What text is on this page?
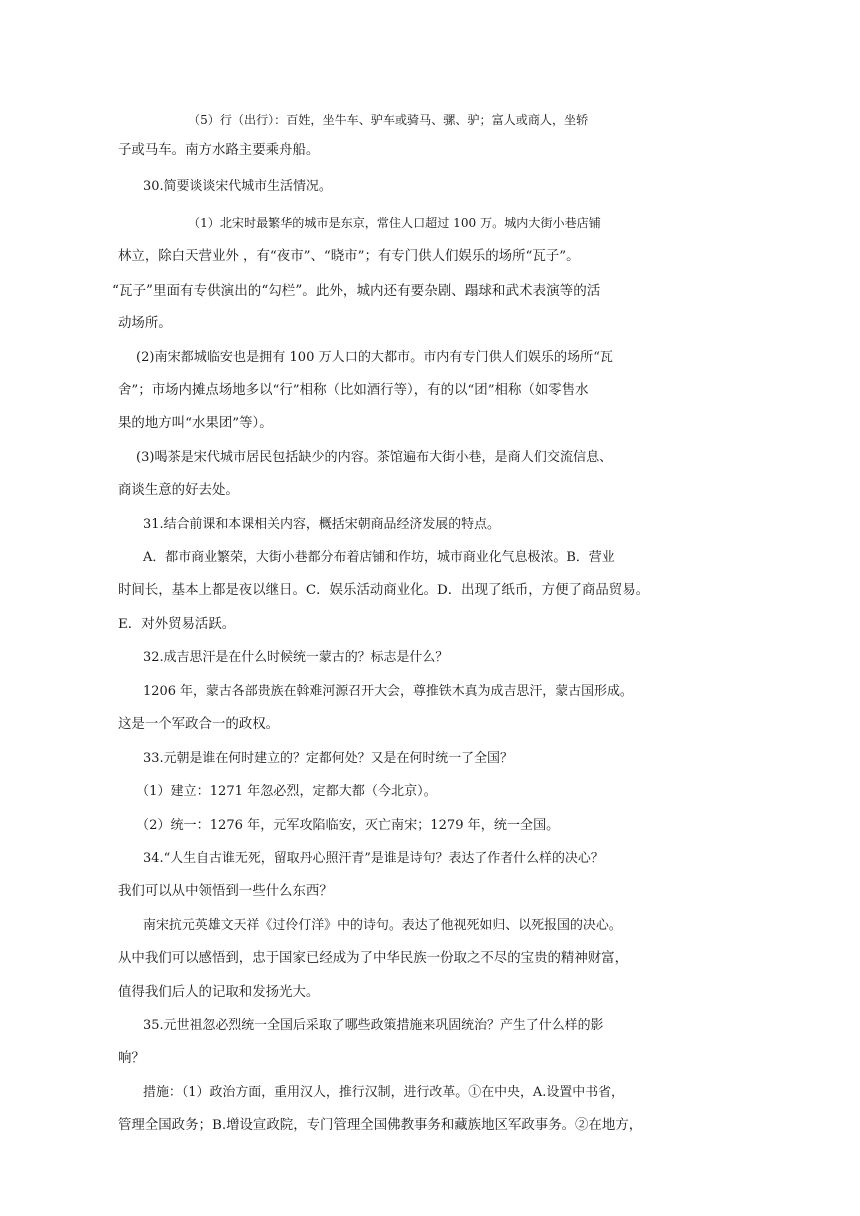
（5）行（出行）：百姓，坐牛车、驴车或骑马、骡、驴；富人或商人，坐轿
子或马车。南方水路主要乘舟船。
30.简要谈谈宋代城市生活情况。
（1）北宋时最繁华的城市是东京，常住人口超过 100 万。城内大街小巷店铺
林立，除白天营业外 ，有“夜市”、“晓市”；有专门供人们娱乐的场所“瓦子”。
“瓦子”里面有专供演出的“勾栏”。此外，城内还有要杂剧、蹋球和武术表演等的活
动场所。
(2)南宋都城临安也是拥有 100 万人口的大都市。市内有专门供人们娱乐的场所“瓦
舍”；市场内摊点场地多以“行”相称（比如酒行等），有的以“团”相称（如零售水
果的地方叫“水果团”等）。
(3)喝茶是宋代城市居民包括缺少的内容。茶馆遍布大街小巷，是商人们交流信息、
商谈生意的好去处。
31.结合前课和本课相关内容，概括宋朝商品经济发展的特点。
A．都市商业繁荣，大街小巷都分布着店铺和作坊，城市商业化气息极浓。B．营业
时间长，基本上都是夜以继日。C．娱乐活动商业化。D．出现了纸币，方便了商品贸易。
E．对外贸易活跃。
32.成吉思汗是在什么时候统一蒙古的？标志是什么？
1206 年，蒙古各部贵族在斡难河源召开大会，尊推铁木真为成吉思汗，蒙古国形成。
这是一个军政合一的政权。
33.元朝是谁在何时建立的？定都何处？又是在何时统一了全国？
（1）建立：1271 年忽必烈，定都大都（今北京）。
（2）统一：1276 年，元军攻陷临安，灭亡南宋；1279 年，统一全国。
34.“人生自古谁无死，留取丹心照汗青”是谁是诗句？表达了作者什么样的决心？
我们可以从中领悟到一些什么东西？
南宋抗元英雄文天祥《过伶仃洋》中的诗句。表达了他视死如归、以死报国的决心。
从中我们可以感悟到，忠于国家已经成为了中华民族一份取之不尽的宝贵的精神财富，
值得我们后人的记取和发扬光大。
35.元世祖忽必烈统一全国后采取了哪些政策措施来巩固统治？产生了什么样的影
响？
措施：（1）政治方面，重用汉人，推行汉制，进行改革。①在中央，A.设置中书省，
管理全国政务；B.增设宣政院，专门管理全国佛教事务和藏族地区军政事务。②在地方，
